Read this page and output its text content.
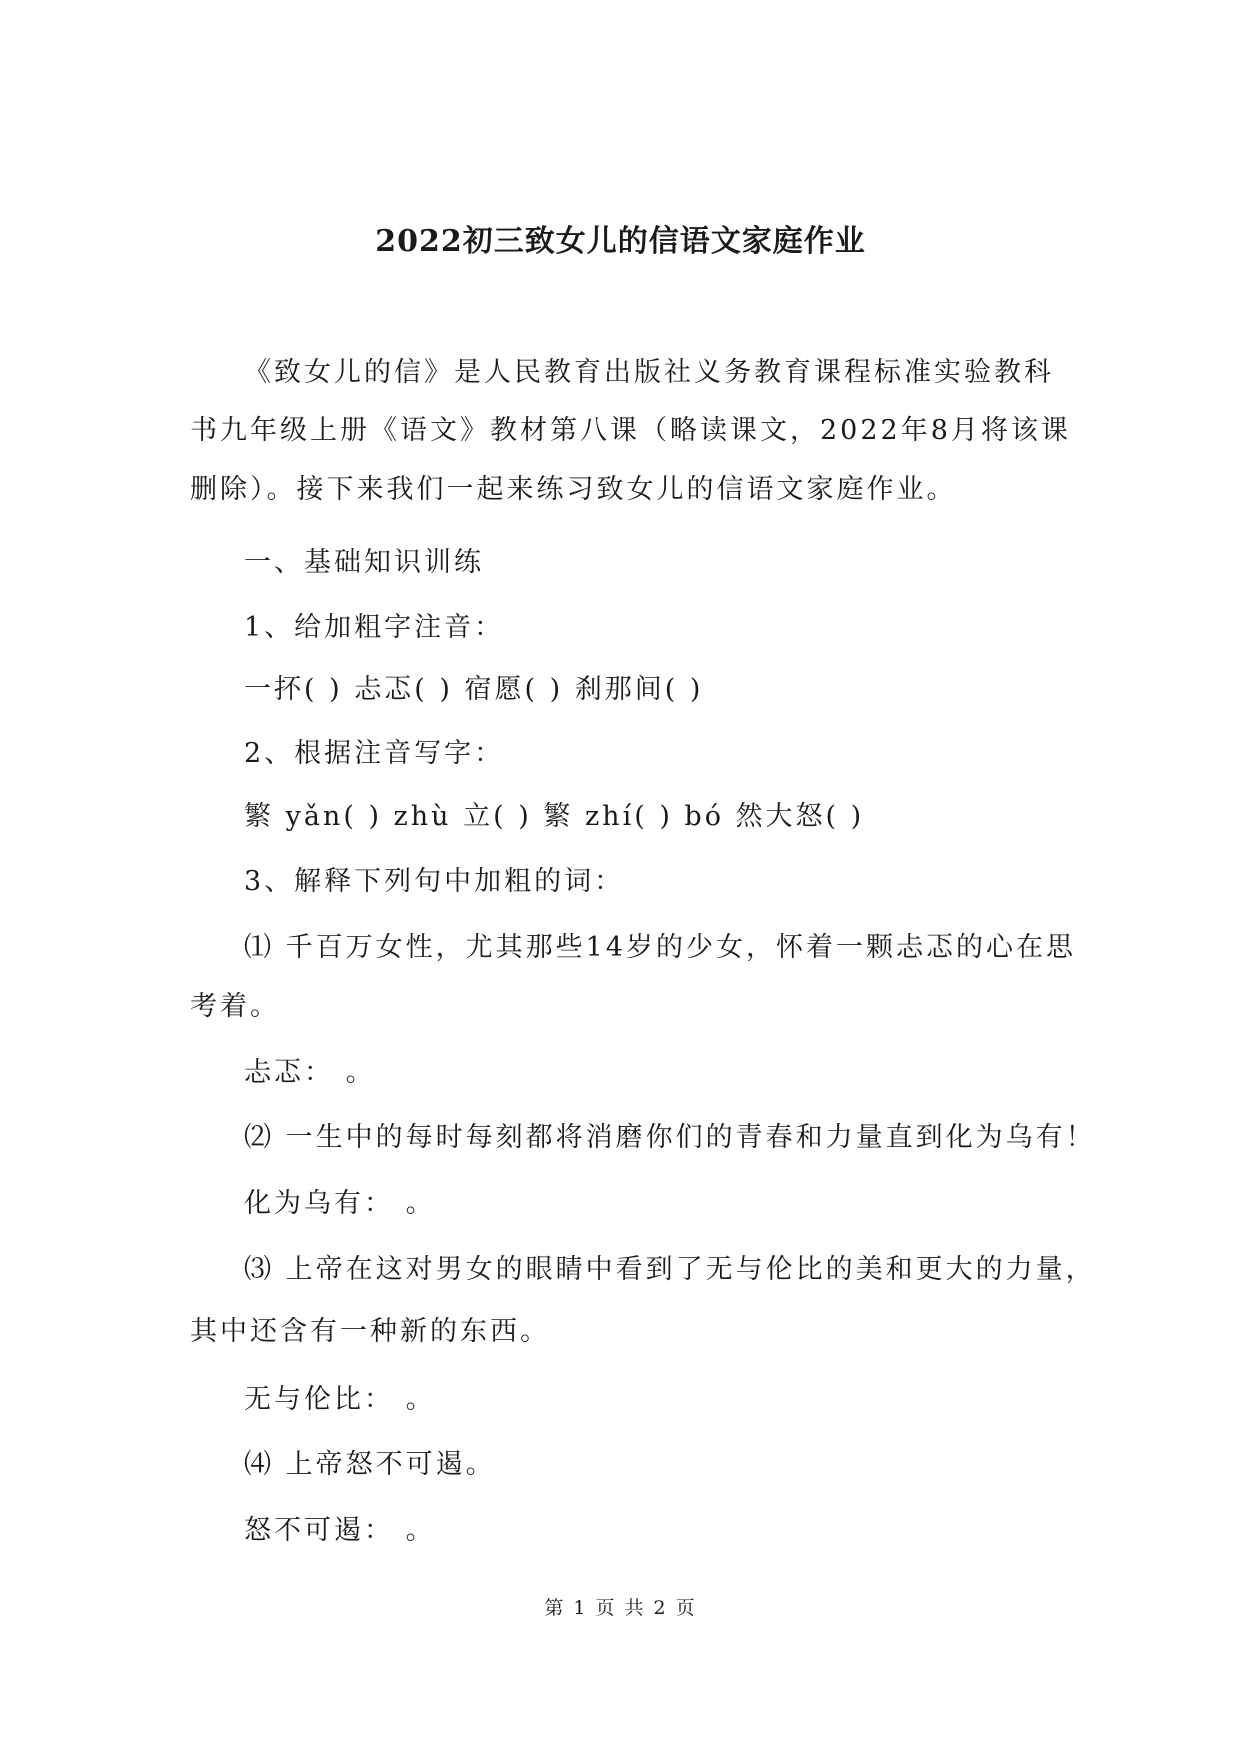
2022初三致女儿的信语文家庭作业
《致女儿的信》是人民教育出版社义务教育课程标准实验教科
书九年级上册《语文》教材第八课（略读课文，2022年8月将该课
删除）。接下来我们一起来练习致女儿的信语文家庭作业。
一、基础知识训练
1、给加粗字注音：
一抔( ) 忐忑( ) 宿愿( ) 刹那间( )
2、根据注音写字：
繁 yǎn( ) zhù 立( ) 繁 zhí( ) bó 然大怒( )
3、解释下列句中加粗的词：
⑴ 千百万女性，尤其那些14岁的少女，怀着一颗忐忑的心在思
考着。
忐忑： 。
⑵ 一生中的每时每刻都将消磨你们的青春和力量直到化为乌有！
化为乌有： 。
⑶ 上帝在这对男女的眼睛中看到了无与伦比的美和更大的力量，
其中还含有一种新的东西。
无与伦比： 。
⑷ 上帝怒不可遏。
怒不可遏： 。
第 1 页 共 2 页
